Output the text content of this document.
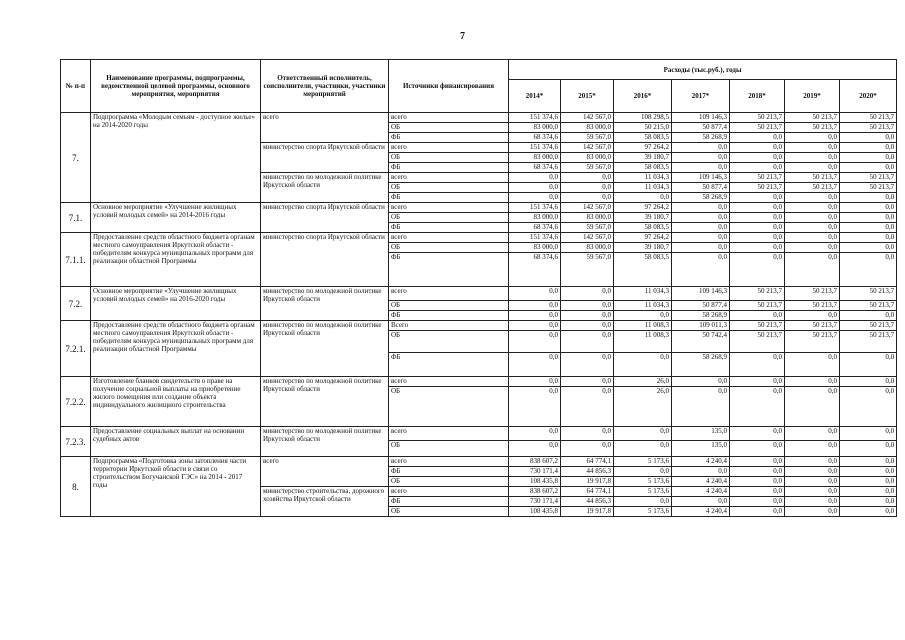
7
№ п-п	Наименование программы, подпрограммы, ведомственной целевой программы, основного мероприятия, мероприятия	Ответственный исполнитель, соисполнители, участники, участники мероприятий	Источники финансирования	Расходы (тыс.руб.), годы						
				2014*	2015*	2016*	2017*	2018*	2019*	2020*
7.	Подпрограмма «Молодым семьям - доступное жилье» на 2014-2020 годы	всего	всего	151 374,6	142 567,0	108 298,5	109 146,3	50 213,7	50 213,7	50 213,7
			ОБ	83 000,0	83 000,0	50 215,0	50 877,4	50 213,7	50 213,7	50 213,7
			ФБ	68 374,6	59 567,0	58 083,5	58 268,9	0,0	0,0	0,0
		министерство спорта Иркутской области	всего	151 374,6	142 567,0	97 264,2	0,0	0,0	0,0	0,0
			ОБ	83 000,0	83 000,0	39 180,7	0,0	0,0	0,0	0,0
			ФБ	68 374,6	59 567,0	58 083,5	0,0	0,0	0,0	0,0
		министерство по молодежной политике Иркутской области	всего	0,0	0,0	11 034,3	109 146,3	50 213,7	50 213,7	50 213,7
			ОБ	0,0	0,0	11 034,3	50 877,4	50 213,7	50 213,7	50 213,7
			ФБ	0,0	0,0	0,0	58 268,9	0,0	0,0	0,0
7.1.	Основное мероприятие «Улучшение жилищных условий молодых семей» на 2014-2016 годы	министерство спорта Иркутской области	всего	151 374,6	142 567,0	97 264,2	0,0	0,0	0,0	0,0
			ОБ	83 000,0	83 000,0	39 180,7	0,0	0,0	0,0	0,0
			ФБ	68 374,6	59 567,0	58 083,5	0,0	0,0	0,0	0,0
7.1.1.	Предоставление средств областного бюджета органам местного самоуправления Иркутской области - победителям конкурса муниципальных программ для реализации областной Программы	министерство спорта Иркутской области	всего	151 374,6	142 567,0	97 264,2	0,0	0,0	0,0	0,0
			ОБ	83 000,0	83 000,0	39 180,7	0,0	0,0	0,0	0,0
			ФБ	68 374,6	59 567,0	58 083,5	0,0	0,0	0,0	0,0
7.2.	Основное мероприятие «Улучшение жилищных условий молодых семей» на 2016-2020 годы	министерство по молодежной политике Иркутской области	всего	0,0	0,0	11 034,3	109 146,3	50 213,7	50 213,7	50 213,7
			ОБ	0,0	0,0	11 034,3	50 877,4	50 213,7	50 213,7	50 213,7
			ФБ	0,0	0,0	0,0	58 268,9	0,0	0,0	0,0
7.2.1.	Предоставление средств областного бюджета органам местного самоуправления Иркутской области - победителям конкурса муниципальных программ для реализации областной Программы	министерство по молодежной политике Иркутской области	Всего	0,0	0,0	11 008,3	109 011,3	50 213,7	50 213,7	50 213,7
			ОБ	0,0	0,0	11 008,3	50 742,4	50 213,7	50 213,7	50 213,7
			ФБ	0,0	0,0	0,0	58 268,9	0,0	0,0	0,0
7.2.2.	Изготовление бланков свидетельств о праве на получение социальной выплаты на приобретение жилого помещения или создание объекта индивидуального жилищного строительства	министерство по молодежной политике Иркутской области	всего	0,0	0,0	26,0	0,0	0,0	0,0	0,0
			ОБ	0,0	0,0	26,0	0,0	0,0	0,0	0,0
7.2.3.	Предоставление социальных выплат на основании судебных актов	министерство по молодежной политике Иркутской области	всего	0,0	0,0	0,0	135,0	0,0	0,0	0,0
			ОБ	0,0	0,0	0,0	135,0	0,0	0,0	0,0
8.	Подпрограмма «Подготовка зоны затопления части территории Иркутской области в связи со строительством Богучанской ГЭС» на 2014 - 2017 годы	всего	всего	838 607,2	64 774,1	5 173,6	4 240,4	0,0	0,0	0,0
			ФБ	730 171,4	44 856,3	0,0	0,0	0,0	0,0	0,0
			ОБ	108 435,8	19 917,8	5 173,6	4 240,4	0,0	0,0	0,0
		министерство строительства, дорожного хозяйства Иркутской области	всего	838 607,2	64 774,1	5 173,6	4 240,4	0,0	0,0	0,0
			ФБ	730 171,4	44 856,3	0,0	0,0	0,0	0,0	0,0
			ОБ	108 435,8	19 917,8	5 173,6	4 240,4	0,0	0,0	0,0
